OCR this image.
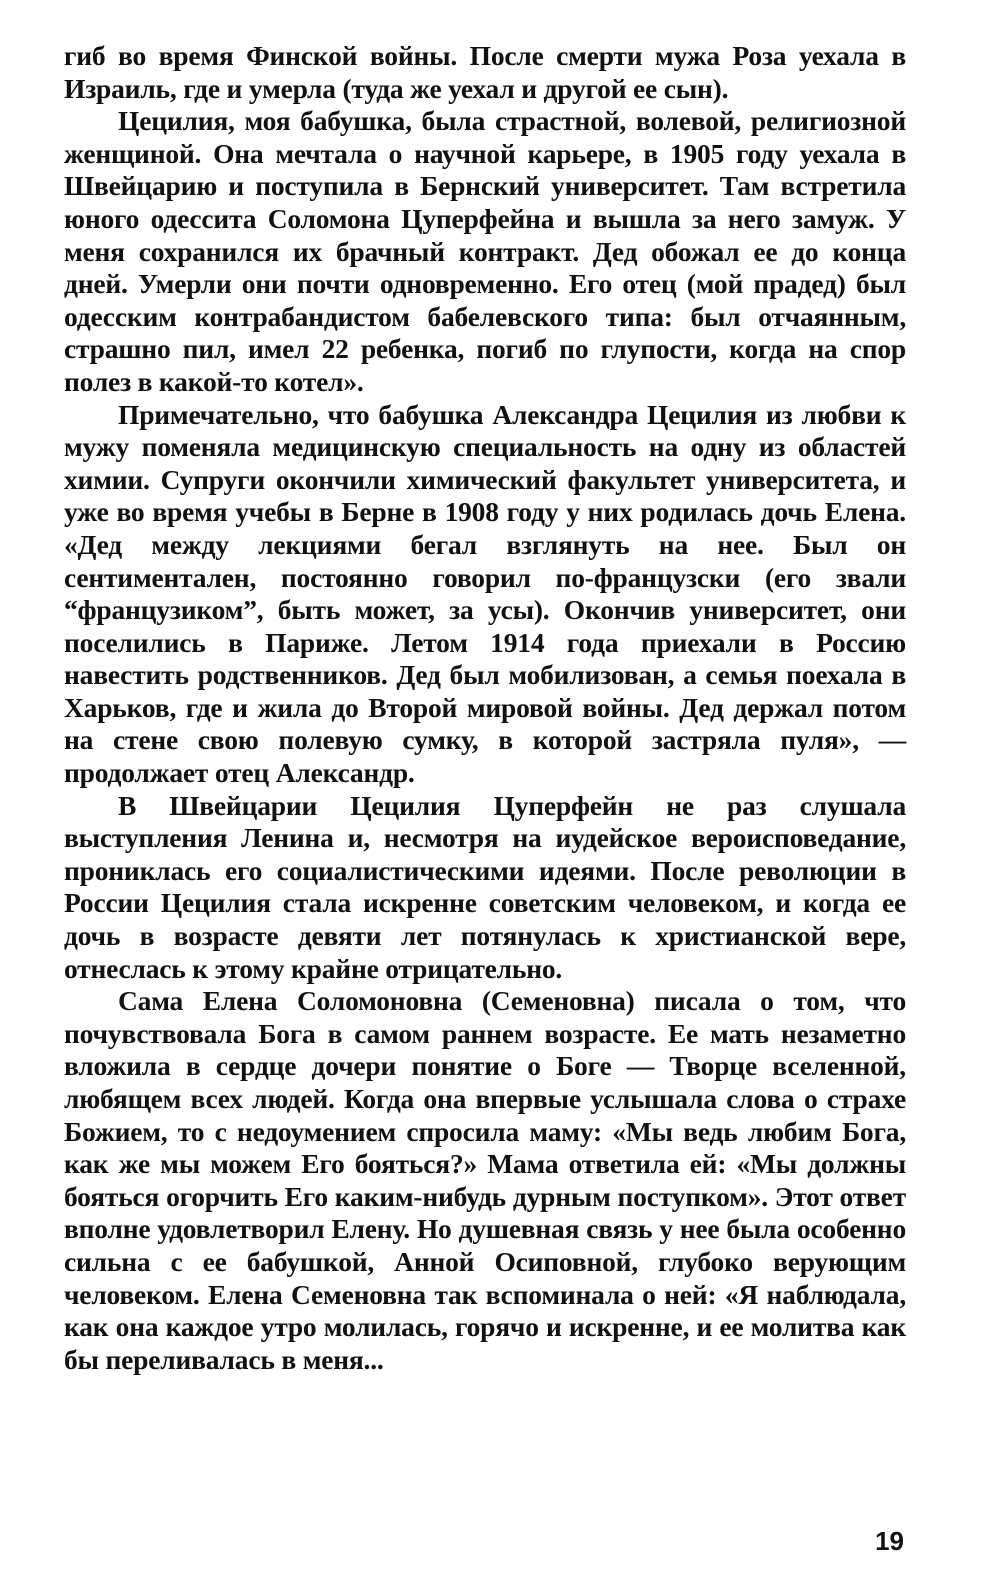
гиб во время Финской войны. После смерти мужа Роза уехала в Израиль, где и умерла (туда же уехал и другой ее сын).

Цецилия, моя бабушка, была страстной, волевой, религиозной женщиной. Она мечтала о научной карьере, в 1905 году уехала в Швейцарию и поступила в Бернский университет. Там встретила юного одессита Соломона Цуперфейна и вышла за него замуж. У меня сохранился их брачный контракт. Дед обожал ее до конца дней. Умерли они почти одновременно. Его отец (мой прадед) был одесским контрабандистом бабелевского типа: был отчаянным, страшно пил, имел 22 ребенка, погиб по глупости, когда на спор полез в какой-то котел».

Примечательно, что бабушка Александра Цецилия из любви к мужу поменяла медицинскую специальность на одну из областей химии. Супруги окончили химический факультет университета, и уже во время учебы в Берне в 1908 году у них родилась дочь Елена. «Дед между лекциями бегал взглянуть на нее. Был он сентиментален, постоянно говорил по-французски (его звали “французиком”, быть может, за усы). Окончив университет, они поселились в Париже. Летом 1914 года приехали в Россию навестить родственников. Дед был мобилизован, а семья поехала в Харьков, где и жила до Второй мировой войны. Дед держал потом на стене свою полевую сумку, в которой застряла пуля», — продолжает отец Александр.

В Швейцарии Цецилия Цуперфейн не раз слушала выступления Ленина и, несмотря на иудейское вероисповедание, прониклась его социалистическими идеями. После революции в России Цецилия стала искренне советским человеком, и когда ее дочь в возрасте девяти лет потянулась к христианской вере, отнеслась к этому крайне отрицательно.

Сама Елена Соломоновна (Семеновна) писала о том, что почувствовала Бога в самом раннем возрасте. Ее мать незаметно вложила в сердце дочери понятие о Боге — Творце вселенной, любящем всех людей. Когда она впервые услышала слова о страхе Божием, то с недоумением спросила маму: «Мы ведь любим Бога, как же мы можем Его бояться?» Мама ответила ей: «Мы должны бояться огорчить Его каким-нибудь дурным поступком». Этот ответ вполне удовлетворил Елену. Но душевная связь у нее была особенно сильна с ее бабушкой, Анной Осиповной, глубоко верующим человеком. Елена Семеновна так вспоминала о ней: «Я наблюдала, как она каждое утро молилась, горячо и искренне, и ее молитва как бы переливалась в меня...

19
